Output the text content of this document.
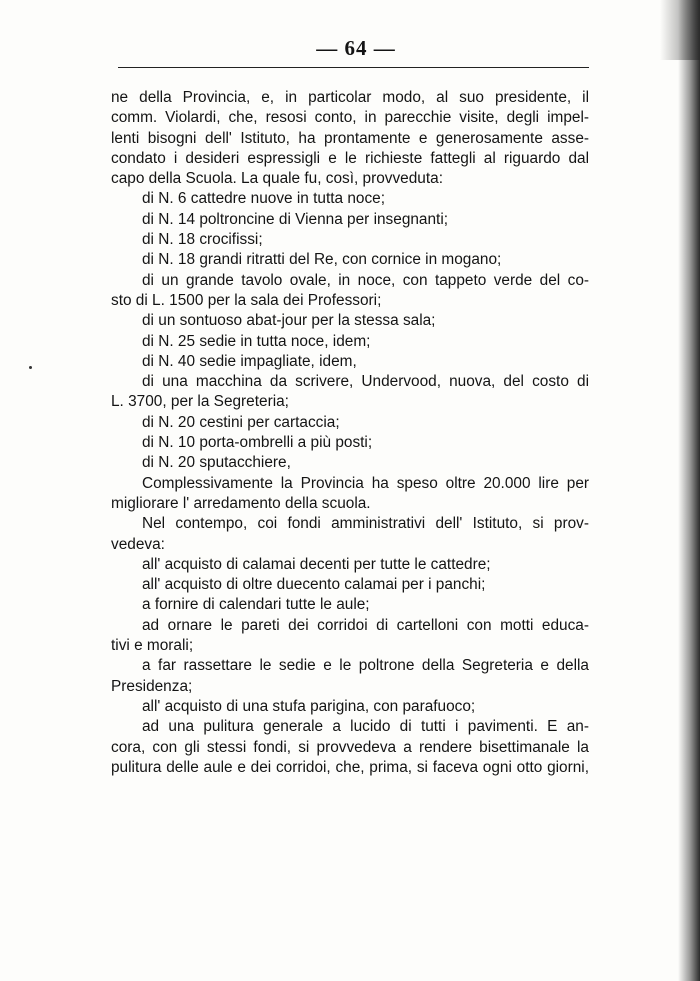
— 64 —
ne della Provincia, e, in particolar modo, al suo presidente, il
comm. Violardi, che, resosi conto, in parecchie visite, degli impel-
lenti bisogni dell' Istituto, ha prontamente e generosamente asse-
condato i desideri espressigli e le richieste fattegli al riguardo dal
capo della Scuola. La quale fu, così, provveduta:
di N. 6 cattedre nuove in tutta noce;
di N. 14 poltroncine di Vienna per insegnanti;
di N. 18 crocifissi;
di N. 18 grandi ritratti del Re, con cornice in mogano;
di un grande tavolo ovale, in noce, con tappeto verde del co-
sto di L. 1500 per la sala dei Professori;
di un sontuoso abat-jour per la stessa sala;
di N. 25 sedie in tutta noce, idem;
di N. 40 sedie impagliate, idem,
di una macchina da scrivere, Undervood, nuova, del costo di
L. 3700, per la Segreteria;
di N. 20 cestini per cartaccia;
di N. 10 porta-ombrelli a più posti;
di N. 20 sputacchiere,
Complessivamente la Provincia ha speso oltre 20.000 lire per
migliorare l' arredamento della scuola.
Nel contempo, coi fondi amministrativi dell' Istituto, si prov-
vedeva:
all' acquisto di calamai decenti per tutte le cattedre;
all' acquisto di oltre duecento calamai per i panchi;
a fornire di calendari tutte le aule;
ad ornare le pareti dei corridoi di cartelloni con motti educa-
tivi e morali;
a far rassettare le sedie e le poltrone della Segreteria e della
Presidenza;
all' acquisto di una stufa parigina, con parafuoco;
ad una pulitura generale a lucido di tutti i pavimenti. E an-
cora, con gli stessi fondi, si provvedeva a rendere bisettimanale la
pulitura delle aule e dei corridoi, che, prima, si faceva ogni otto giorni,
